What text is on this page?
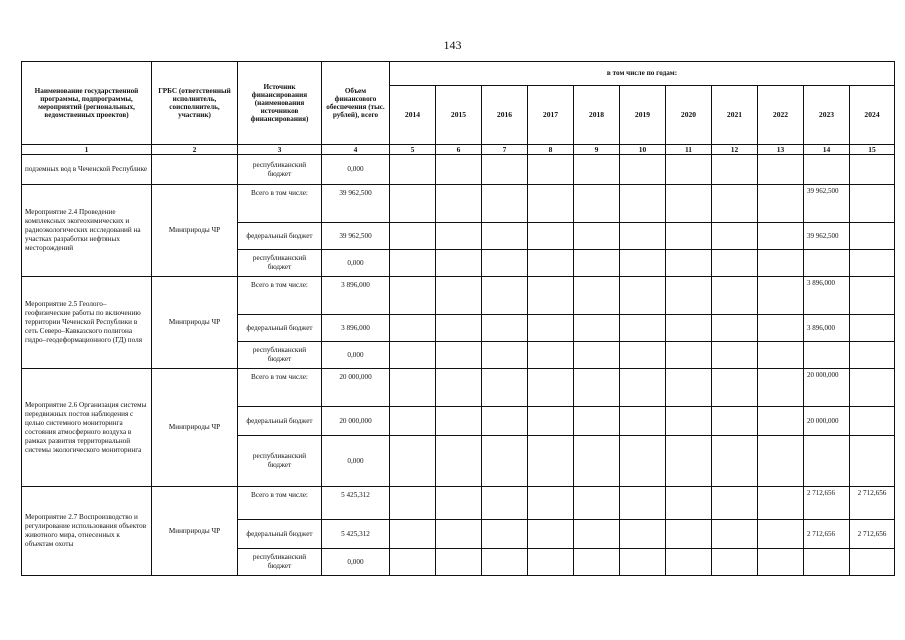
143
Наименование государственной программы, подпрограммы, мероприятий (региональных, ведомственных проектов)	ГРБС (ответственный исполнитель, соисполнитель, участник)	Источник финансирования (наименования источников финансирования)	Объем финансового обеспечения (тыс. рублей), всего	в том числе по годам:										
				2014	2015	2016	2017	2018	2019	2020	2021	2022	2023	2024
1	2	3	4	5	6	7	8	9	10	11	12	13	14	15
подземных вод в Чеченской Республике		республиканский бюджет	0,000											
Мероприятие 2.4 Проведение комплексных экогеохимических и радиоэкологических исследований на участках разработки нефтяных месторождений	Минприроды ЧР	Всего в том числе:	39 962,500										39 962,500	
		федеральный бюджет	39 962,500										39 962,500	
		республиканский бюджет	0,000											
Мероприятие 2.5 Геолого–геофизические работы по включению территории Чеченской Республики в сеть Северо–Кавказского полигона гидро–геодеформационного (ГД) поля	Минприроды ЧР	Всего в том числе:	3 896,000										3 896,000	
		федеральный бюджет	3 896,000										3 896,000	
		республиканский бюджет	0,000											
Мероприятие 2.6 Организация системы передвижных постов наблюдения с целью системного мониторинга состояния атмосферного воздуха в рамках развития территориальной системы экологического мониторинга	Минприроды ЧР	Всего в том числе:	20 000,000										20 000,000	
		федеральный бюджет	20 000,000										20 000,000	
		республиканский бюджет	0,000											
Мероприятие 2.7 Воспроизводство и регулирование использования объектов животного мира, отнесенных к объектам охоты	Минприроды ЧР	Всего в том числе:	5 425,312										2 712,656	2 712,656
		федеральный бюджет	5 425,312										2 712,656	2 712,656
		республиканский бюджет	0,000											
